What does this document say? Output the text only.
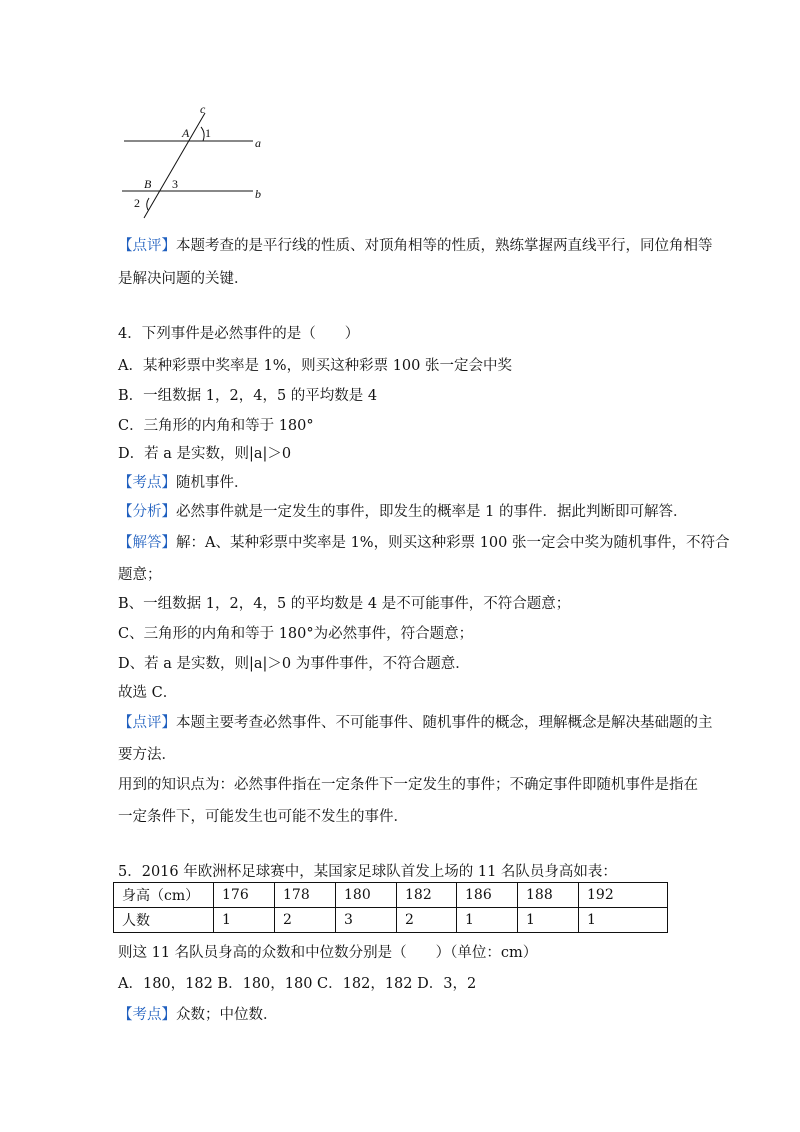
c
A 1
a
B 3
2
b
【点评】本题考查的是平行线的性质、对顶角相等的性质，熟练掌握两直线平行，同位角相等
是解决问题的关键．
4．下列事件是必然事件的是（　　）
A．某种彩票中奖率是 1%，则买这种彩票 100 张一定会中奖
B．一组数据 1，2，4，5 的平均数是 4
C．三角形的内角和等于 180°
D．若 a 是实数，则|a|＞0
【考点】随机事件．
【分析】必然事件就是一定发生的事件，即发生的概率是 1 的事件．据此判断即可解答．
【解答】解：A、某种彩票中奖率是 1%，则买这种彩票 100 张一定会中奖为随机事件，不符合
题意；
B、一组数据 1，2，4，5 的平均数是 4 是不可能事件，不符合题意；
C、三角形的内角和等于 180°为必然事件，符合题意；
D、若 a 是实数，则|a|＞0 为事件事件，不符合题意．
故选 C．
【点评】本题主要考查必然事件、不可能事件、随机事件的概念，理解概念是解决基础题的主
要方法．
用到的知识点为：必然事件指在一定条件下一定发生的事件；不确定事件即随机事件是指在
一定条件下，可能发生也可能不发生的事件．
5．2016 年欧洲杯足球赛中，某国家足球队首发上场的 11 名队员身高如表：
身高（cm）	176	178	180	182	186	188	192
人数	1	2	3	2	1	1	1
则这 11 名队员身高的众数和中位数分别是（　　）（单位：cm）
A．180，182 B．180，180 C．182，182 D．3，2
【考点】众数；中位数．
